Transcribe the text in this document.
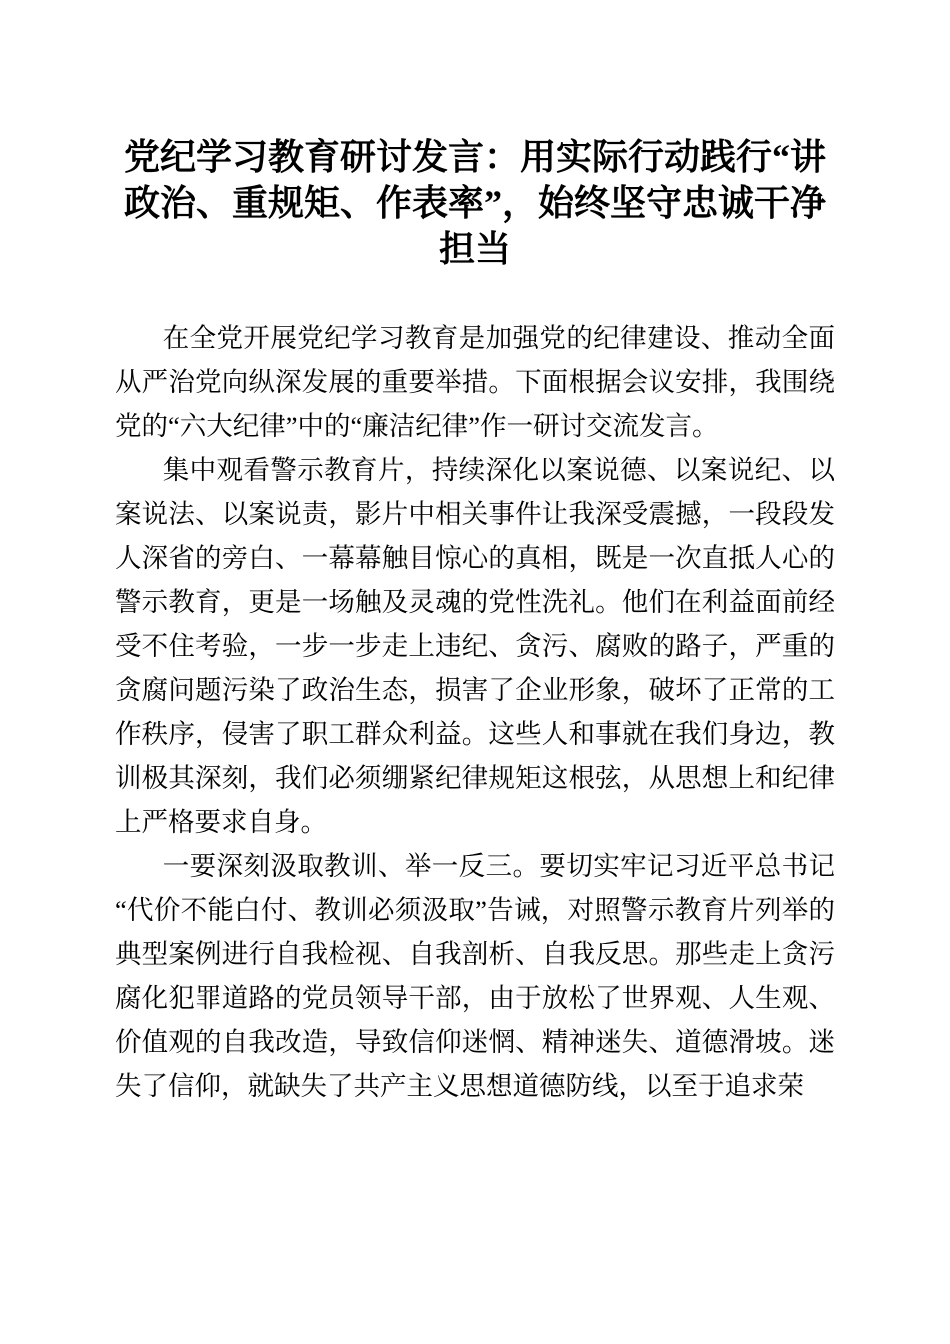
党纪学习教育研讨发言：用实际行动践行“讲政治、重规矩、作表率”，始终坚守忠诚干净担当

在全党开展党纪学习教育是加强党的纪律建设、推动全面从严治党向纵深发展的重要举措。下面根据会议安排，我围绕党的“六大纪律”中的“廉洁纪律”作一研讨交流发言。

集中观看警示教育片，持续深化以案说德、以案说纪、以案说法、以案说责，影片中相关事件让我深受震撼，一段段发人深省的旁白、一幕幕触目惊心的真相，既是一次直抵人心的警示教育，更是一场触及灵魂的党性洗礼。他们在利益面前经受不住考验，一步一步走上违纪、贪污、腐败的路子，严重的贪腐问题污染了政治生态，损害了企业形象，破坏了正常的工作秩序，侵害了职工群众利益。这些人和事就在我们身边，教训极其深刻，我们必须绷紧纪律规矩这根弦，从思想上和纪律上严格要求自身。

一要深刻汲取教训、举一反三。要切实牢记习近平总书记“代价不能白付、教训必须汲取”告诫，对照警示教育片列举的典型案例进行自我检视、自我剖析、自我反思。那些走上贪污腐化犯罪道路的党员领导干部，由于放松了世界观、人生观、价值观的自我改造，导致信仰迷惘、精神迷失、道德滑坡。迷失了信仰，就缺失了共产主义思想道德防线，以至于追求荣
